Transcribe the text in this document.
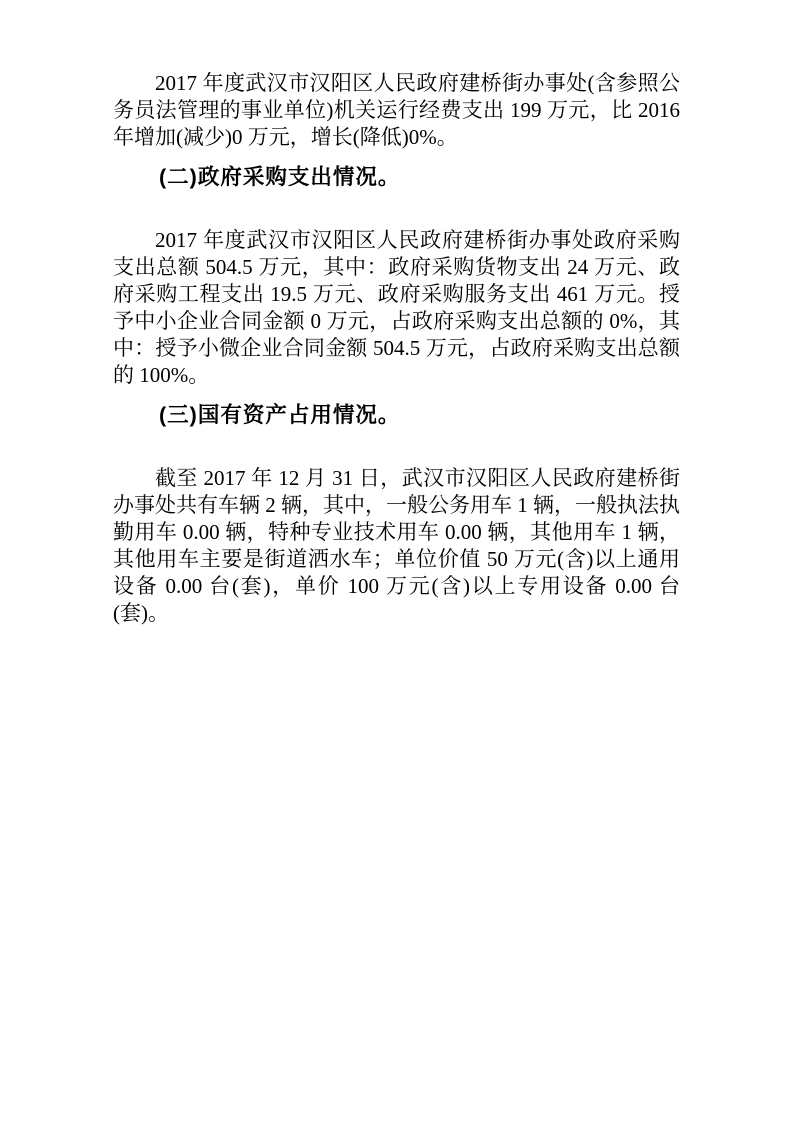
2017 年度武汉市汉阳区人民政府建桥街办事处(含参照公务员法管理的事业单位)机关运行经费支出 199 万元，比 2016 年增加(减少)0 万元，增长(降低)0%。

(二)政府采购支出情况。

2017 年度武汉市汉阳区人民政府建桥街办事处政府采购支出总额 504.5 万元，其中：政府采购货物支出 24 万元、政府采购工程支出 19.5 万元、政府采购服务支出 461 万元。授予中小企业合同金额 0 万元，占政府采购支出总额的 0%，其中：授予小微企业合同金额 504.5 万元，占政府采购支出总额的 100%。

(三)国有资产占用情况。

截至 2017 年 12 月 31 日，武汉市汉阳区人民政府建桥街办事处共有车辆 2 辆，其中，一般公务用车 1 辆，一般执法执勤用车 0.00 辆，特种专业技术用车 0.00 辆，其他用车 1 辆，其他用车主要是街道洒水车；单位价值 50 万元(含)以上通用设备 0.00 台(套)，单价 100 万元(含)以上专用设备 0.00 台(套)。
